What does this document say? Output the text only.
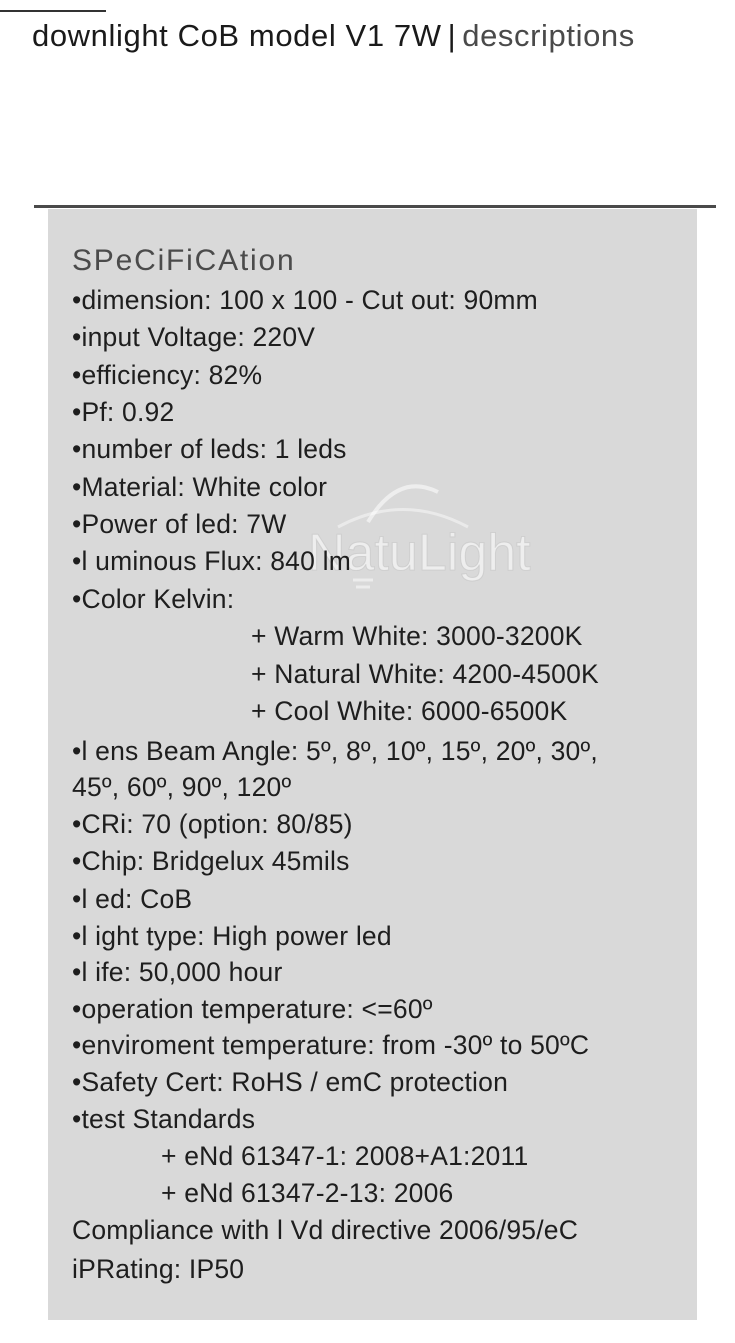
downlight CoB model V1 7W | descriptions
NatuLight
SPeCiFiCAtion
•dimension: 100 x 100 - Cut out: 90mm
•input Voltage: 220V
•efficiency: 82%
•Pf: 0.92
•number of leds: 1 leds
•Material: White color
•Power of led: 7W
•l uminous Flux: 840 lm
•Color Kelvin:
+ Warm White: 3000-3200K
+ Natural White: 4200-4500K
+ Cool White: 6000-6500K
•l ens Beam Angle: 5º, 8º, 10º, 15º, 20º, 30º,
45º, 60º, 90º, 120º
•CRi: 70 (option: 80/85)
•Chip: Bridgelux 45mils
•l ed: CoB
•l ight type: High power led
•l ife: 50,000 hour
•operation temperature: <=60º
•enviroment temperature: from -30º to 50ºC
•Safety Cert: RoHS / emC protection
•test Standards
+ eNd 61347-1: 2008+A1:2011
+ eNd 61347-2-13: 2006
Compliance with l Vd directive 2006/95/eC
iPRating: IP50
